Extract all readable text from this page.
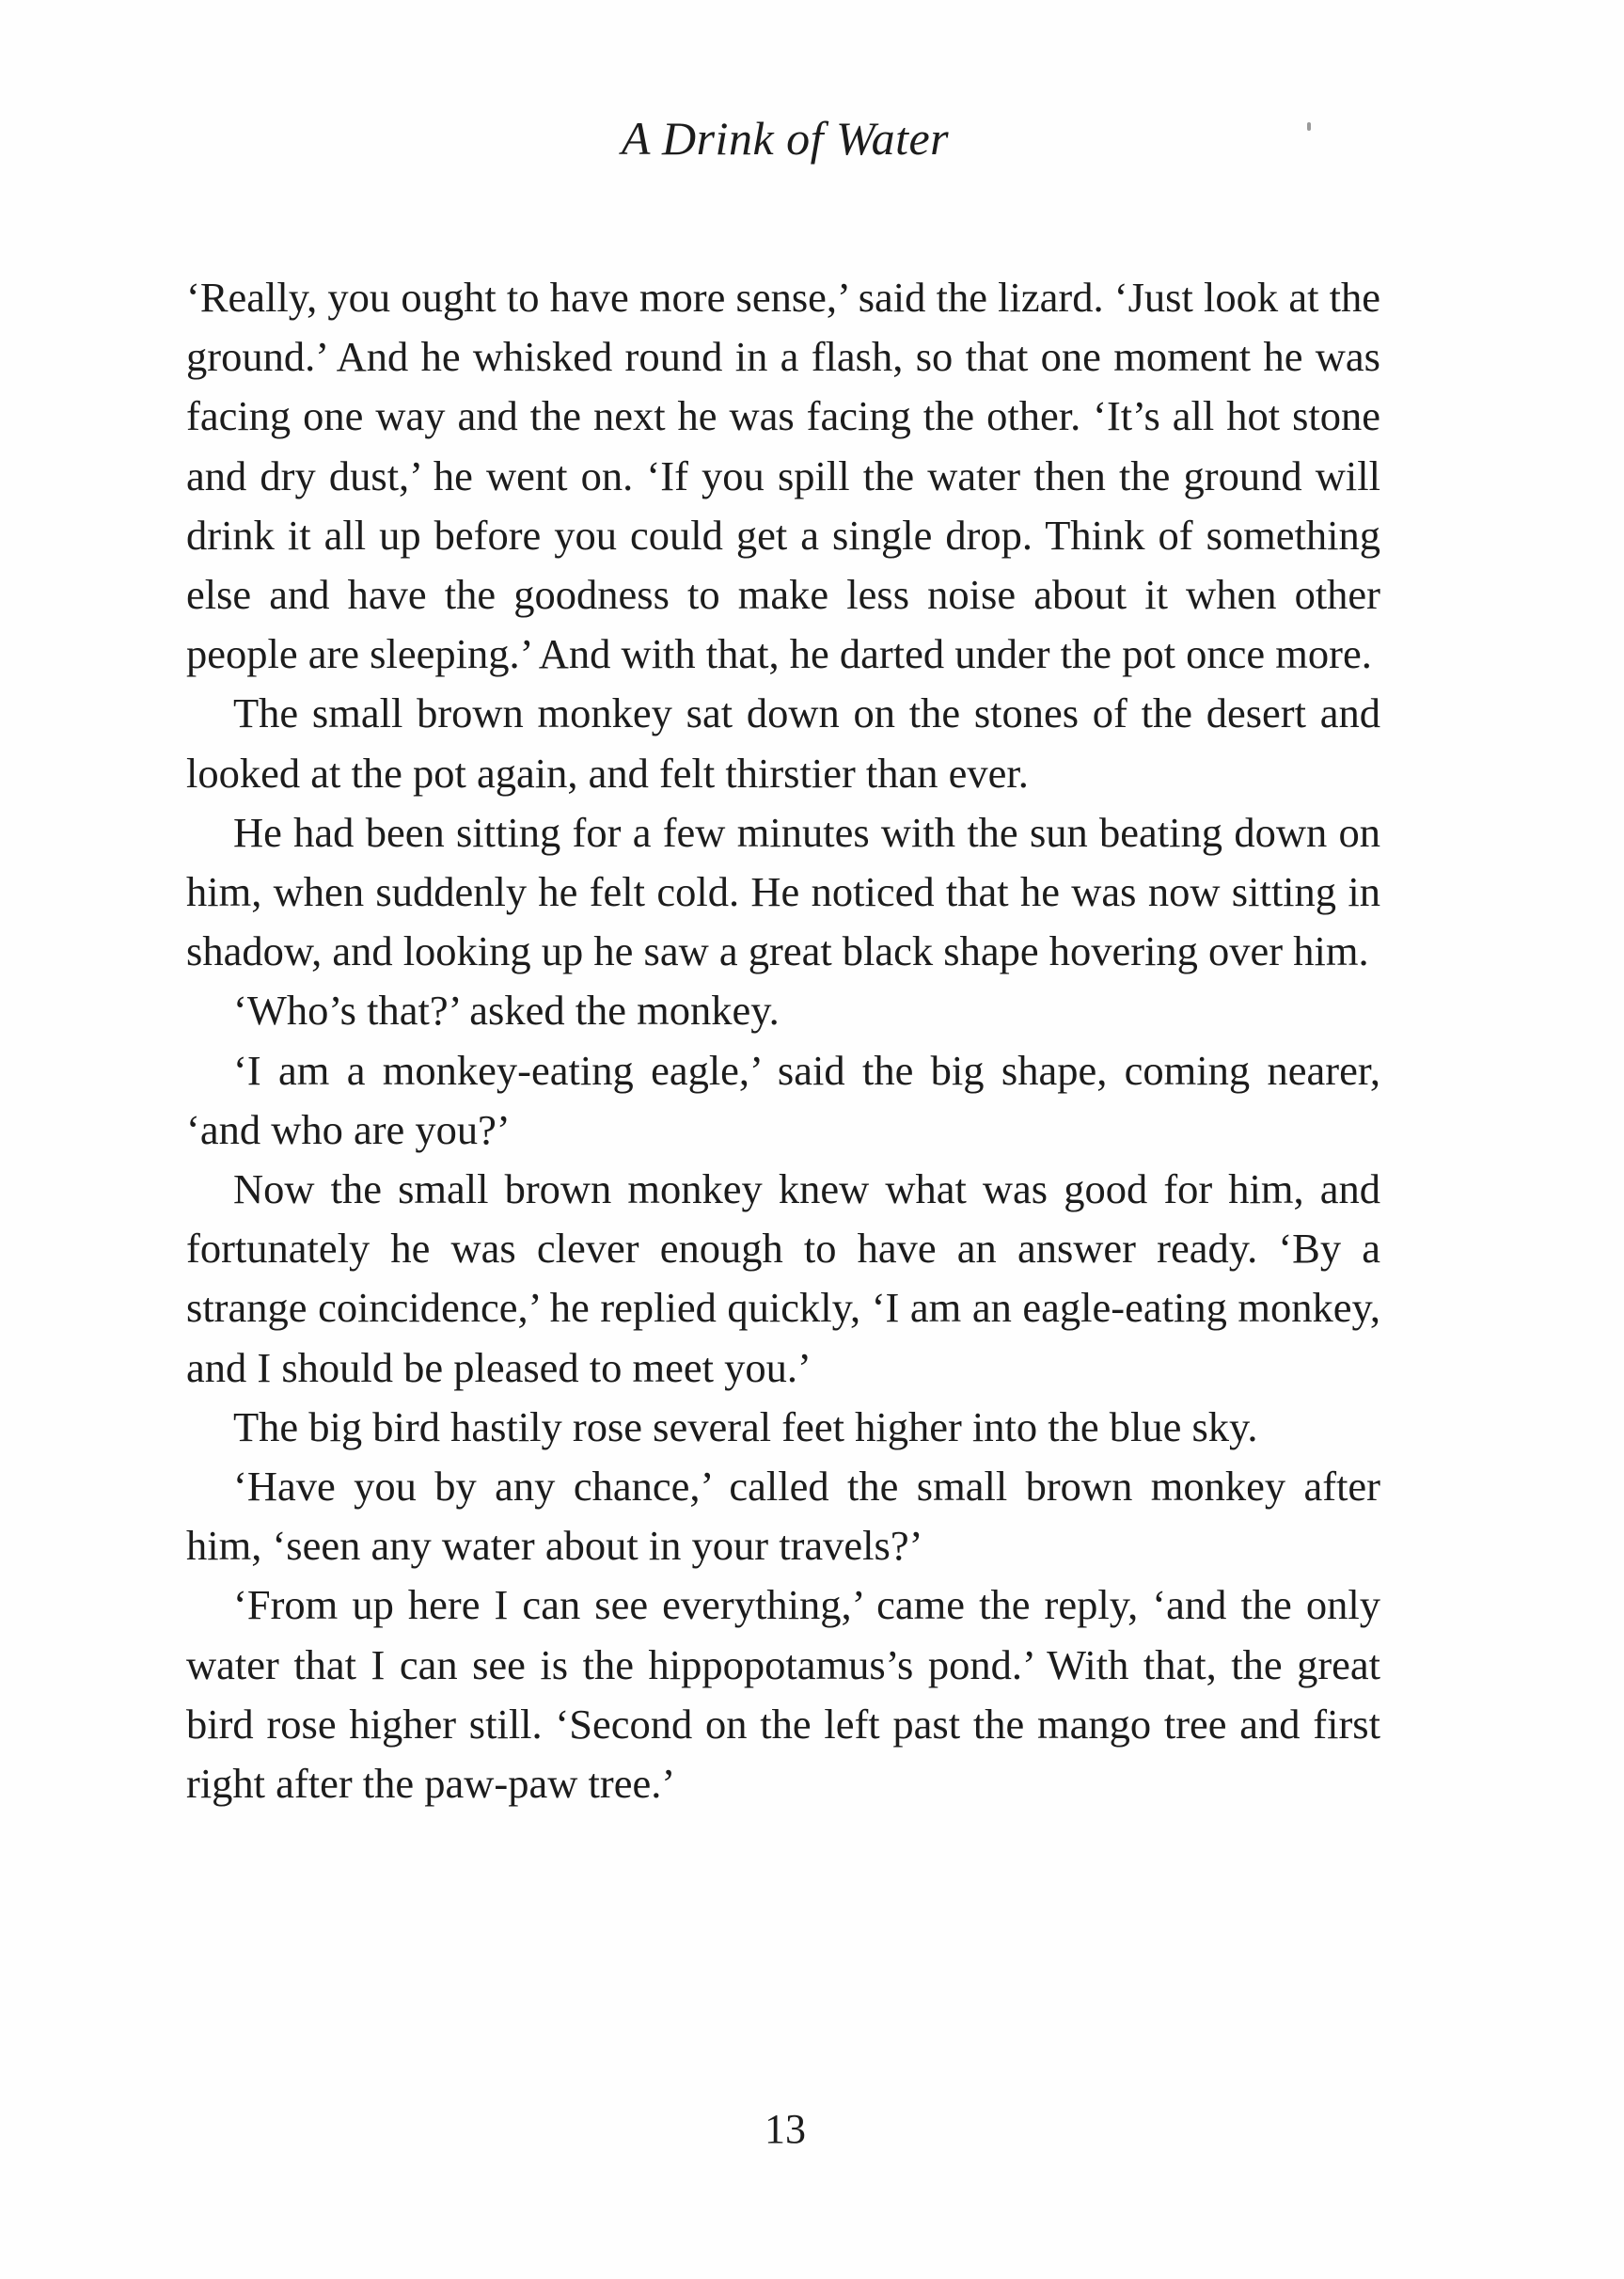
A Drink of Water

‘Really, you ought to have more sense,’ said the lizard. ‘Just look at the ground.’ And he whisked round in a flash, so that one moment he was facing one way and the next he was facing the other. ‘It’s all hot stone and dry dust,’ he went on. ‘If you spill the water then the ground will drink it all up before you could get a single drop. Think of something else and have the goodness to make less noise about it when other people are sleeping.’ And with that, he darted under the pot once more.

The small brown monkey sat down on the stones of the desert and looked at the pot again, and felt thirstier than ever.

He had been sitting for a few minutes with the sun beating down on him, when suddenly he felt cold. He noticed that he was now sitting in shadow, and looking up he saw a great black shape hovering over him.

‘Who’s that?’ asked the monkey.

‘I am a monkey-eating eagle,’ said the big shape, coming nearer, ‘and who are you?’

Now the small brown monkey knew what was good for him, and fortunately he was clever enough to have an answer ready. ‘By a strange coincidence,’ he replied quickly, ‘I am an eagle-eating monkey, and I should be pleased to meet you.’

The big bird hastily rose several feet higher into the blue sky.

‘Have you by any chance,’ called the small brown monkey after him, ‘seen any water about in your travels?’

‘From up here I can see everything,’ came the reply, ‘and the only water that I can see is the hippopotamus’s pond.’ With that, the great bird rose higher still. ‘Second on the left past the mango tree and first right after the paw-paw tree.’

13
